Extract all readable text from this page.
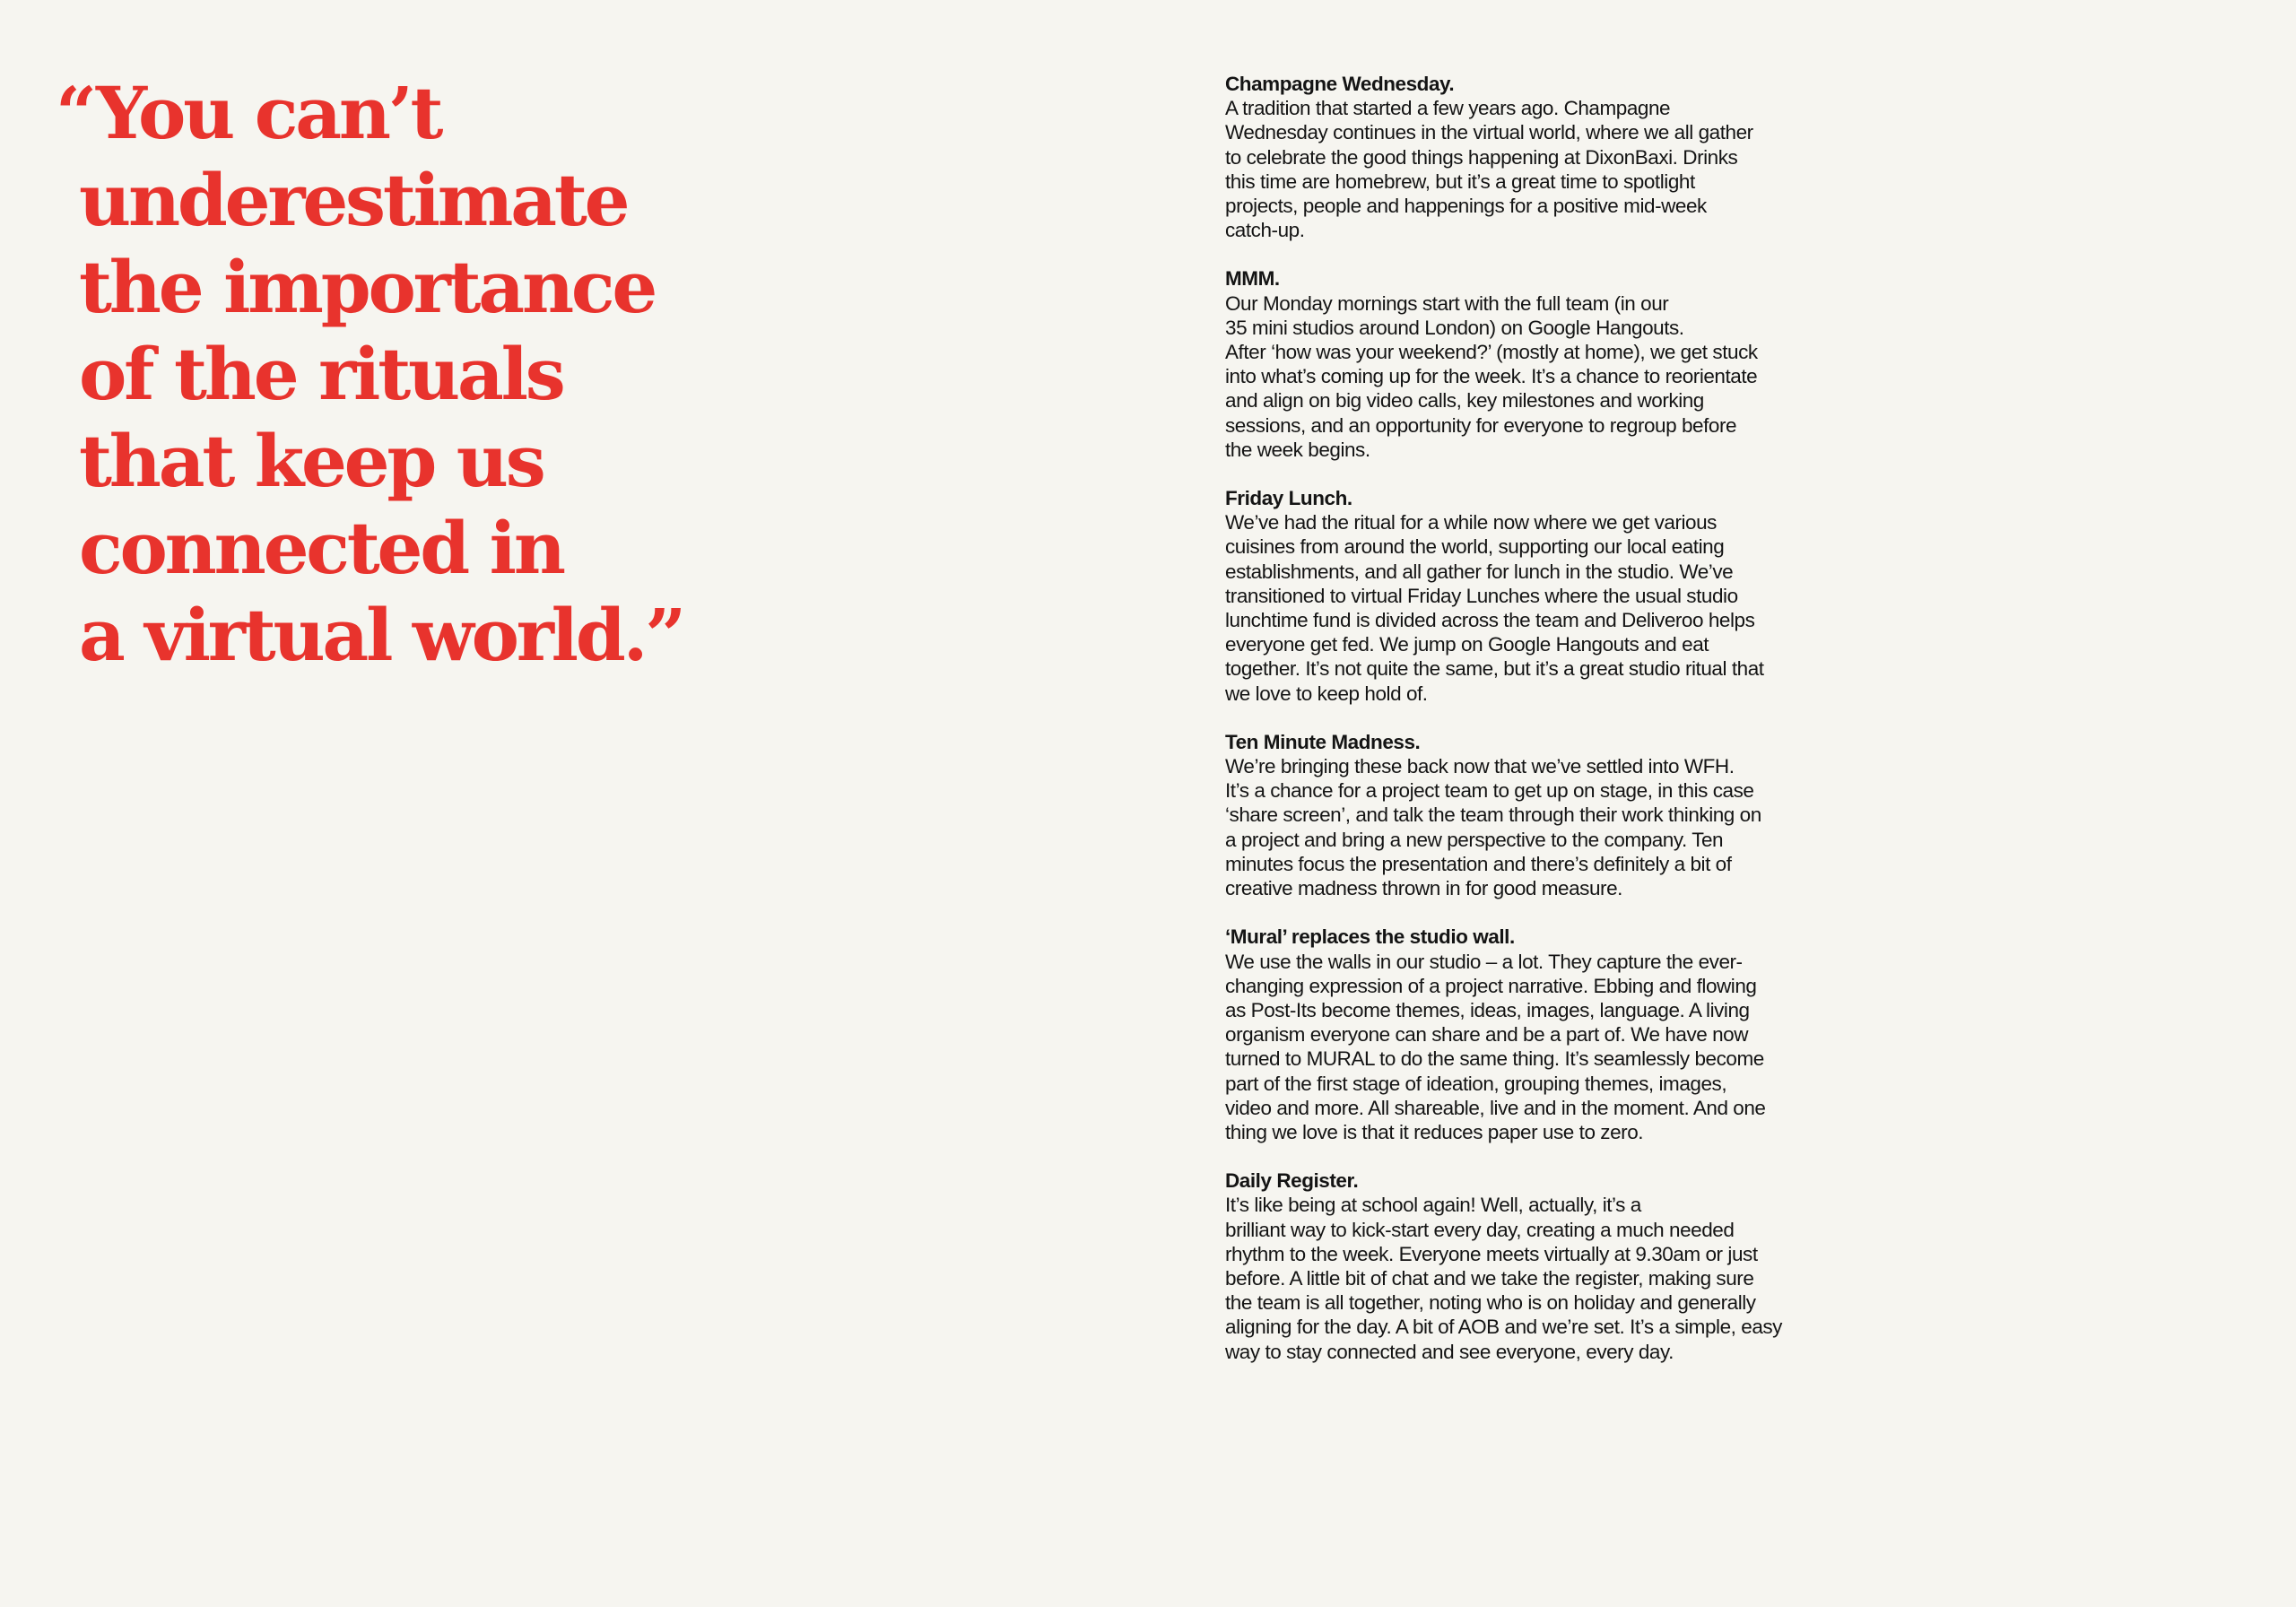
“You can’t
underestimate
the importance
of the rituals
that keep us
connected in
a virtual world.”
Champagne Wednesday.
A tradition that started a few years ago. Champagne
Wednesday continues in the virtual world, where we all gather
to celebrate the good things happening at DixonBaxi. Drinks
this time are homebrew, but it’s a great time to spotlight
projects, people and happenings for a positive mid-week
catch-up.
MMM.
Our Monday mornings start with the full team (in our
35 mini studios around London) on Google Hangouts.
After ‘how was your weekend?’ (mostly at home), we get stuck
into what’s coming up for the week. It’s a chance to reorientate
and align on big video calls, key milestones and working
sessions, and an opportunity for everyone to regroup before
the week begins.
Friday Lunch.
We’ve had the ritual for a while now where we get various
cuisines from around the world, supporting our local eating
establishments, and all gather for lunch in the studio. We’ve
transitioned to virtual Friday Lunches where the usual studio
lunchtime fund is divided across the team and Deliveroo helps
everyone get fed. We jump on Google Hangouts and eat
together. It’s not quite the same, but it’s a great studio ritual that
we love to keep hold of.
Ten Minute Madness.
We’re bringing these back now that we’ve settled into WFH.
It’s a chance for a project team to get up on stage, in this case
‘share screen’, and talk the team through their work thinking on
a project and bring a new perspective to the company. Ten
minutes focus the presentation and there’s definitely a bit of
creative madness thrown in for good measure.
‘Mural’ replaces the studio wall.
We use the walls in our studio – a lot. They capture the ever-
changing expression of a project narrative. Ebbing and flowing
as Post-Its become themes, ideas, images, language. A living
organism everyone can share and be a part of. We have now
turned to MURAL to do the same thing. It’s seamlessly become
part of the first stage of ideation, grouping themes, images,
video and more. All shareable, live and in the moment. And one
thing we love is that it reduces paper use to zero.
Daily Register.
It’s like being at school again! Well, actually, it’s a
brilliant way to kick-start every day, creating a much needed
rhythm to the week. Everyone meets virtually at 9.30am or just
before. A little bit of chat and we take the register, making sure
the team is all together, noting who is on holiday and generally
aligning for the day. A bit of AOB and we’re set. It’s a simple, easy
way to stay connected and see everyone, every day.
